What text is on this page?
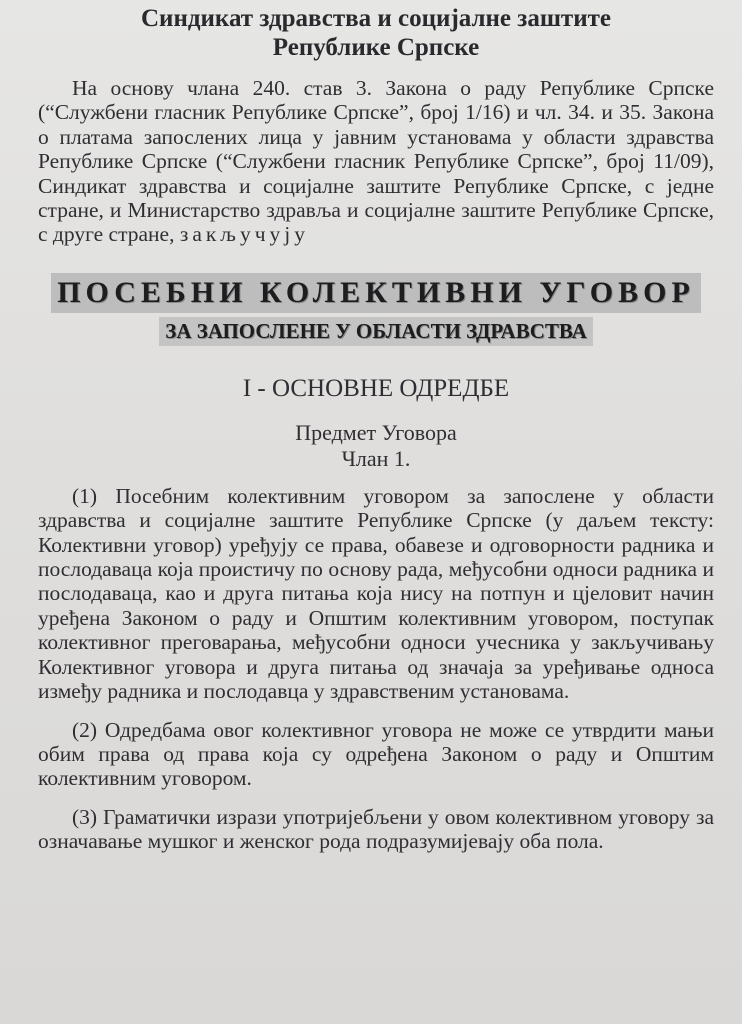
Синдикат здравства и социјалне заштите
Републике Српске

На основу члана 240. став 3. Закона о раду Републике Српске (“Службени гласник Републике Српске”, број 1/16) и чл. 34. и 35. Закона о платама запослених лица у јавним установама у области здравства Републике Српске (“Службени гласник Републике Српске”, број 11/09), Синдикат здравства и социјалне заштите Републике Српске, с једне стране, и Министарство здравља и социјалне заштите Републике Српске, с друге стране, закључују

ПОСЕБНИ КОЛЕКТИВНИ УГОВОР
ЗА ЗАПОСЛЕНЕ У ОБЛАСТИ ЗДРАВСТВА
I - ОСНОВНЕ ОДРЕДБЕ
Предмет Уговора
Члан 1.

(1) Посебним колективним уговором за запослене у области здравства и социјалне заштите Републике Српске (у даљем тексту: Колективни уговор) уређују се права, обавезе и одговорности радника и послодаваца која проистичу по основу рада, међусобни односи радника и послодаваца, као и друга питања која нису на потпун и цјеловит начин уређена Законом о раду и Општим колективним уговором, поступак колективног преговарања, међусобни односи учесника у закључивању Колективног уговора и друга питања од значаја за уређивање односа између радника и послодавца у здравственим установама.

(2) Одредбама овог колективног уговора не може се утврдити мањи обим права од права која су одређена Законом о раду и Општим колективним уговором.

(3) Граматички изрази употријебљени у овом колективном уговору за означавање мушког и женског рода подразумијевају оба пола.
